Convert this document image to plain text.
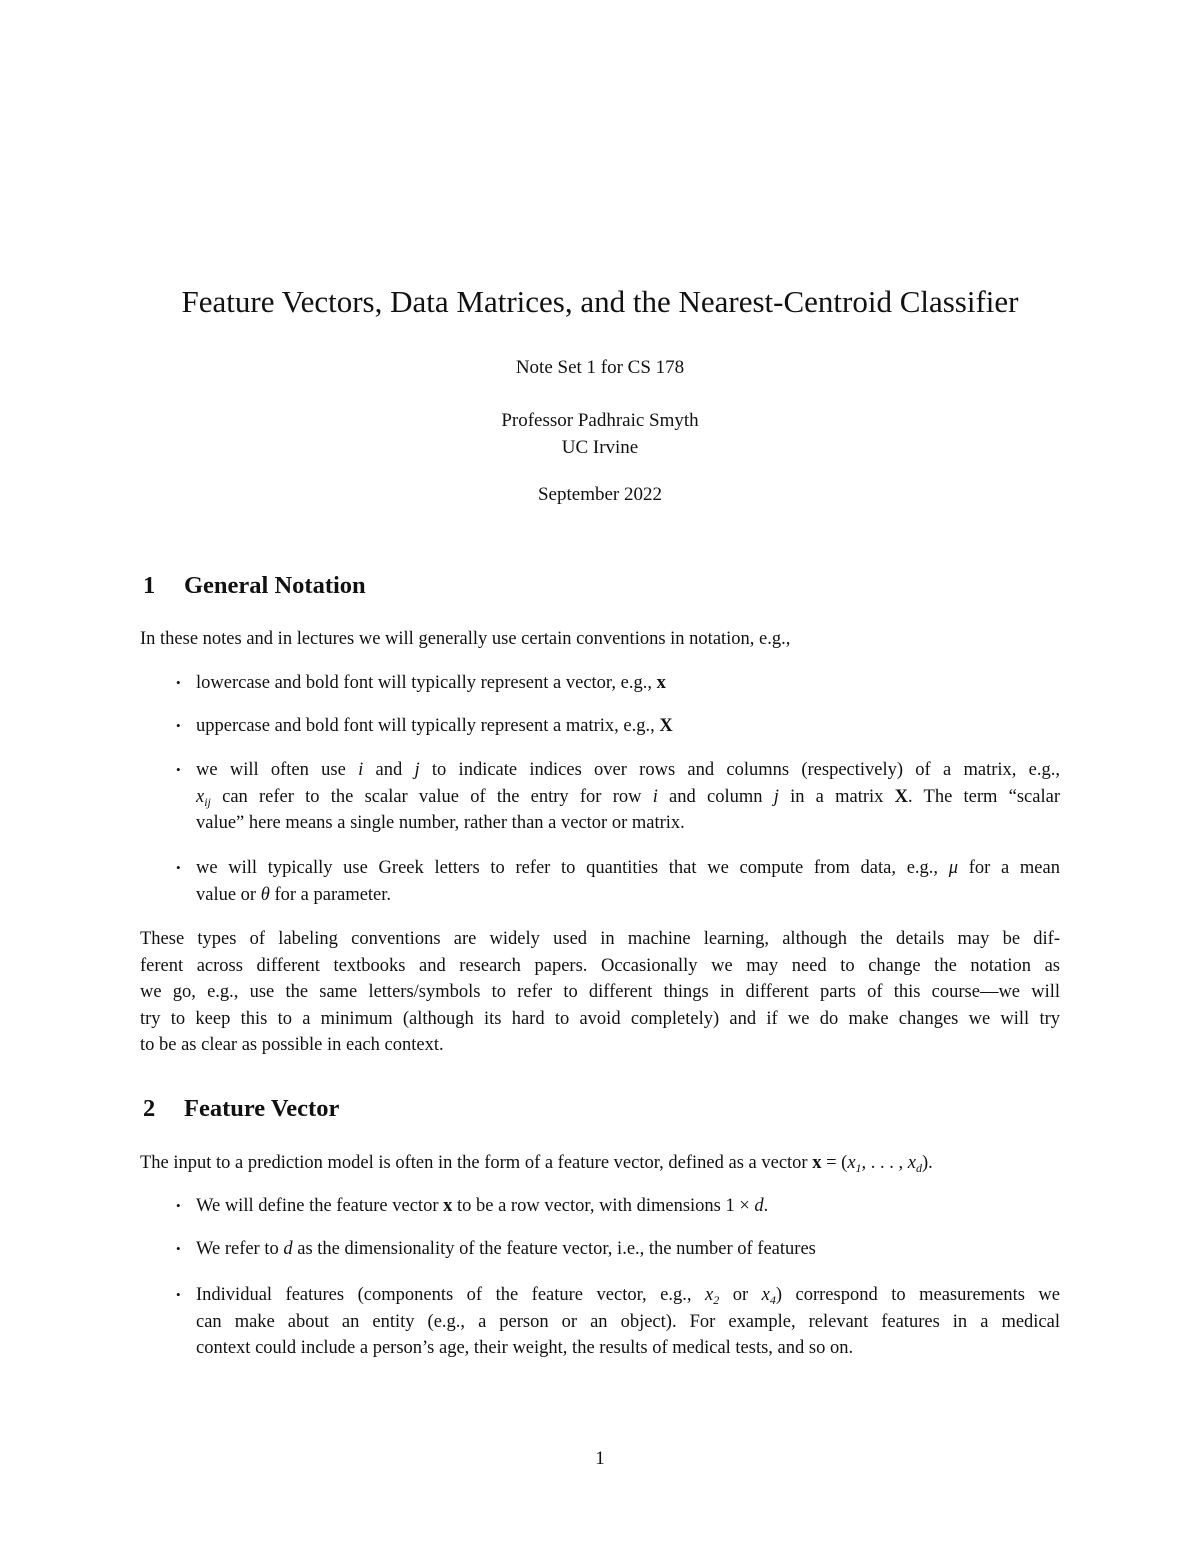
Feature Vectors, Data Matrices, and the Nearest-Centroid Classifier
Note Set 1 for CS 178
Professor Padhraic Smyth
UC Irvine
September 2022
1 General Notation
In these notes and in lectures we will generally use certain conventions in notation, e.g.,
• lowercase and bold font will typically represent a vector, e.g., x
• uppercase and bold font will typically represent a matrix, e.g., X
• we will often use i and j to indicate indices over rows and columns (respectively) of a matrix, e.g.,
$x_{ij}$ can refer to the scalar value of the entry for row i and column j in a matrix X. The term “scalar
value” here means a single number, rather than a vector or matrix.
• we will typically use Greek letters to refer to quantities that we compute from data, e.g., μ for a mean
value or θ for a parameter.
These types of labeling conventions are widely used in machine learning, although the details may be dif-
ferent across different textbooks and research papers. Occasionally we may need to change the notation as
we go, e.g., use the same letters/symbols to refer to different things in different parts of this course—we will
try to keep this to a minimum (although its hard to avoid completely) and if we do make changes we will try
to be as clear as possible in each context.
2 Feature Vector
The input to a prediction model is often in the form of a feature vector, defined as a vector $x = (x_1$, . . . , $x_d$).
• We will define the feature vector x to be a row vector, with dimensions 1 × d.
• We refer to d as the dimensionality of the feature vector, i.e., the number of features
• Individual features (components of the feature vector, e.g., $x_2$ or $x_4$) correspond to measurements we
can make about an entity (e.g., a person or an object). For example, relevant features in a medical
context could include a person’s age, their weight, the results of medical tests, and so on.
1
